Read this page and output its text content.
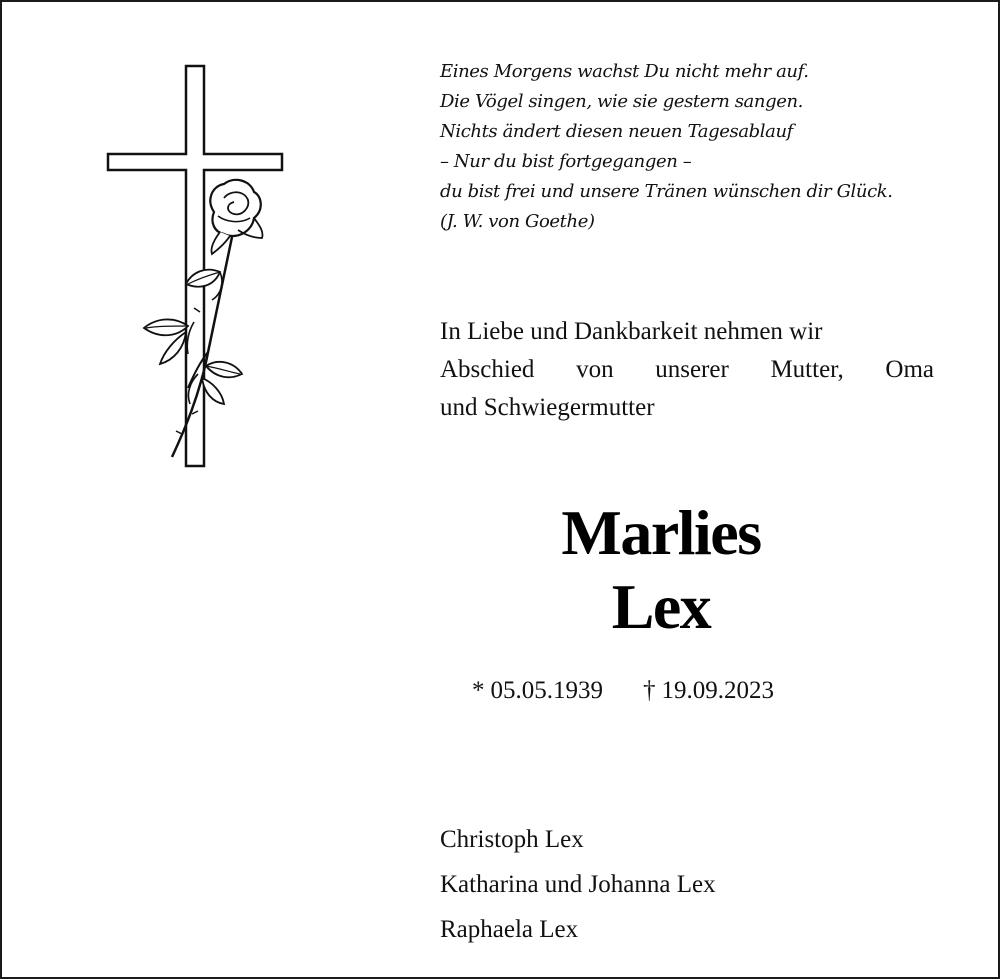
Eines Morgens wachst Du nicht mehr auf.
Die Vögel singen, wie sie gestern sangen.
Nichts ändert diesen neuen Tagesablauf
– Nur du bist fortgegangen –
du bist frei und unsere Tränen wünschen dir Glück.
(J. W. von Goethe)
In Liebe und Dankbarkeit nehmen wir
Abschied von unserer Mutter, Oma
und Schwiegermutter
Marlies
Lex
* 05.05.1939 † 19.09.2023
Christoph Lex
Katharina und Johanna Lex
Raphaela Lex
